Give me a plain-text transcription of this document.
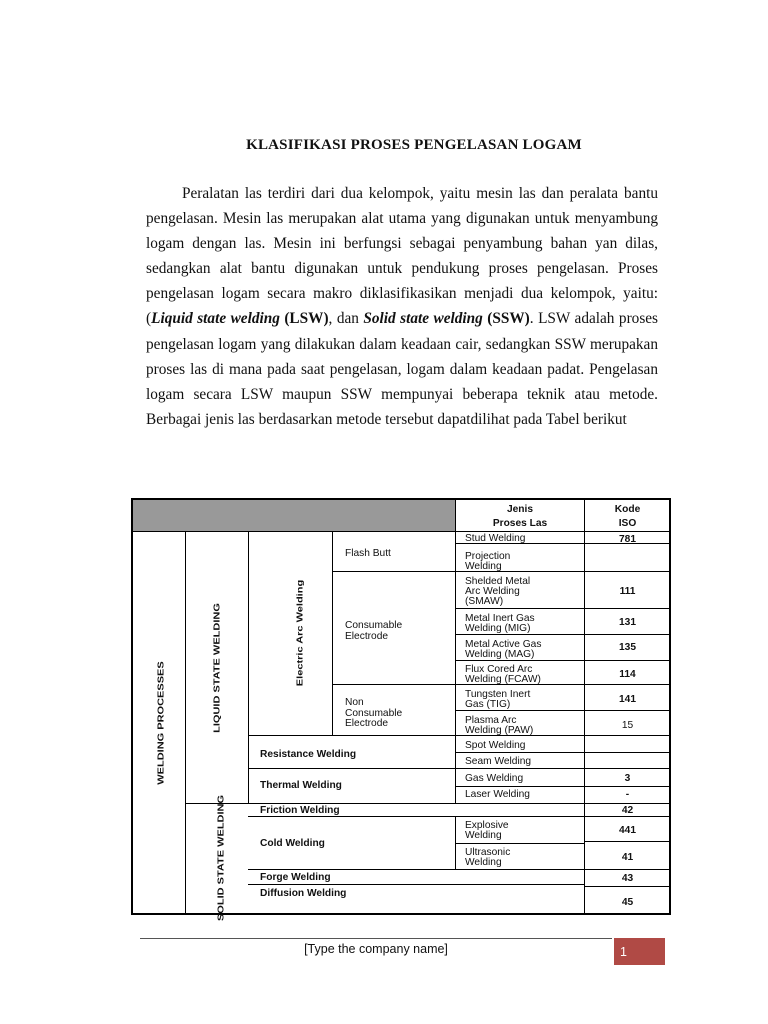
KLASIFIKASI PROSES PENGELASAN LOGAM
Peralatan las terdiri dari dua kelompok, yaitu mesin las dan peralata bantu pengelasan. Mesin las merupakan alat utama yang digunakan untuk menyambung logam dengan las. Mesin ini berfungsi sebagai penyambung bahan yan dilas, sedangkan alat bantu digunakan untuk pendukung proses pengelasan. Proses pengelasan logam secara makro diklasifikasikan menjadi dua kelompok, yaitu: (Liquid state welding (LSW), dan Solid state welding (SSW). LSW adalah proses pengelasan logam yang dilakukan dalam keadaan cair, sedangkan SSW merupakan proses las di mana pada saat pengelasan, logam dalam keadaan padat. Pengelasan logam secara LSW maupun SSW mempunyai beberapa teknik atau metode. Berbagai jenis las berdasarkan metode tersebut dapatdilihat pada Tabel berikut
Jenis
Proses Las
Kode
ISO
WELDING PROCESSES	LIQUID STATE WELDING
SOLID STATE WELDING
Electric Arc Welding
Flash Butt
Consumable
Electrode
Non
Consumable
Electrode
Resistance Welding
Thermal Welding
Friction Welding
Cold Welding
Forge Welding
Diffusion Welding
Stud Welding
Projection
Welding
Shelded Metal
Arc Welding
(SMAW)
Metal Inert Gas
Welding (MIG)
Metal Active Gas
Welding (MAG)
Flux Cored Arc
Welding (FCAW)
Tungsten Inert
Gas (TIG)
Plasma Arc
Welding (PAW)
Spot Welding
Seam Welding
Gas Welding
Laser Welding
Explosive
Welding
Ultrasonic
Welding
781
111
131
135
114
141
15
3
-
42
441
41
43
45
[Type the company name]	1
